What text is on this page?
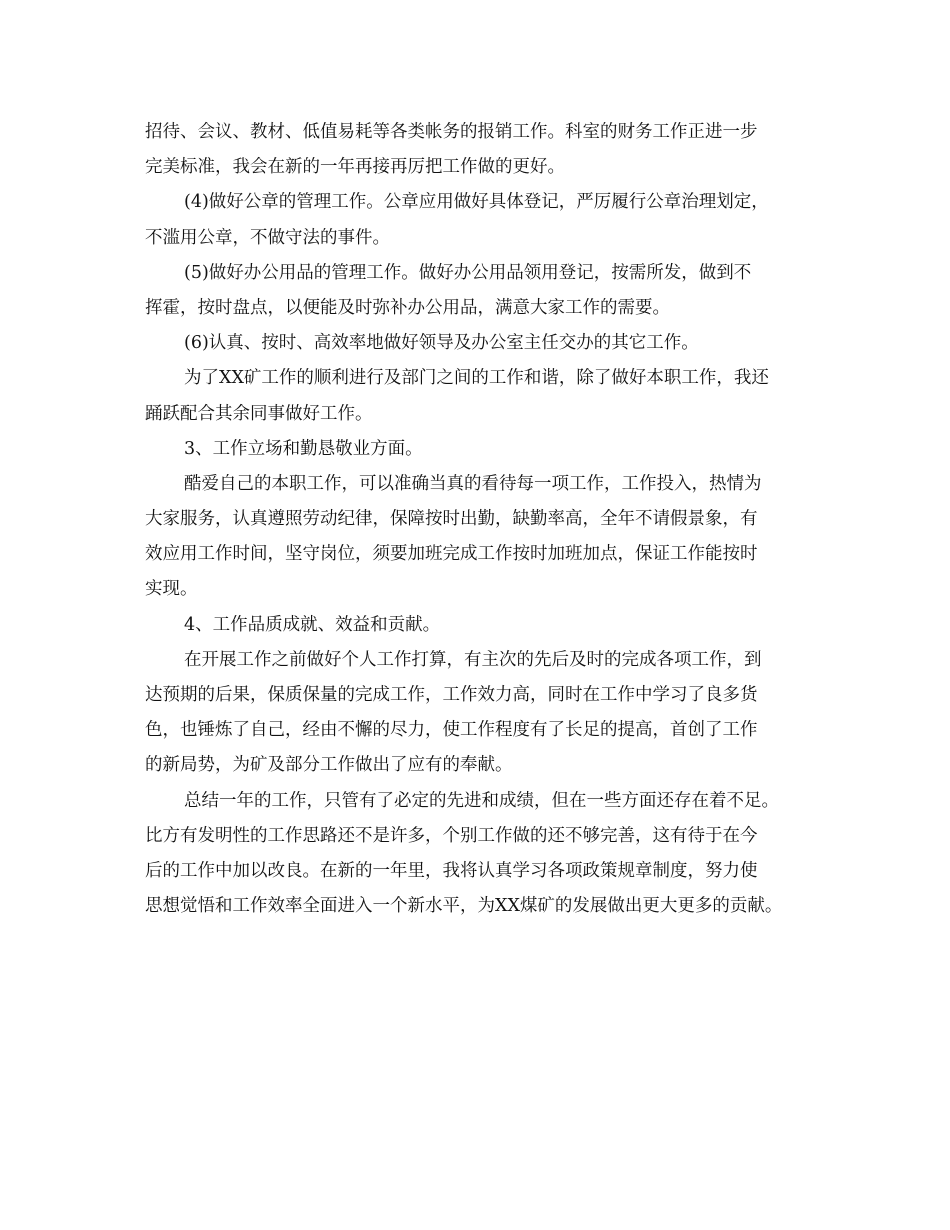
招待、会议、教材、低值易耗等各类帐务的报销工作。科室的财务工作正进一步
完美标准，我会在新的一年再接再厉把工作做的更好。
(4)做好公章的管理工作。公章应用做好具体登记，严厉履行公章治理划定，
不滥用公章，不做守法的事件。
(5)做好办公用品的管理工作。做好办公用品领用登记，按需所发，做到不
挥霍，按时盘点，以便能及时弥补办公用品，满意大家工作的需要。
(6)认真、按时、高效率地做好领导及办公室主任交办的其它工作。
为了XX矿工作的顺利进行及部门之间的工作和谐，除了做好本职工作，我还
踊跃配合其余同事做好工作。
3、工作立场和勤恳敬业方面。
酷爱自己的本职工作，可以准确当真的看待每一项工作，工作投入，热情为
大家服务，认真遵照劳动纪律，保障按时出勤，缺勤率高，全年不请假景象，有
效应用工作时间，坚守岗位，须要加班完成工作按时加班加点，保证工作能按时
实现。
4、工作品质成就、效益和贡献。
在开展工作之前做好个人工作打算，有主次的先后及时的完成各项工作，到
达预期的后果，保质保量的完成工作，工作效力高，同时在工作中学习了良多货
色，也锤炼了自己，经由不懈的尽力，使工作程度有了长足的提高，首创了工作
的新局势，为矿及部分工作做出了应有的奉献。
总结一年的工作，只管有了必定的先进和成绩，但在一些方面还存在着不足。
比方有发明性的工作思路还不是许多，个别工作做的还不够完善，这有待于在今
后的工作中加以改良。在新的一年里，我将认真学习各项政策规章制度，努力使
思想觉悟和工作效率全面进入一个新水平，为XX煤矿的发展做出更大更多的贡献。
